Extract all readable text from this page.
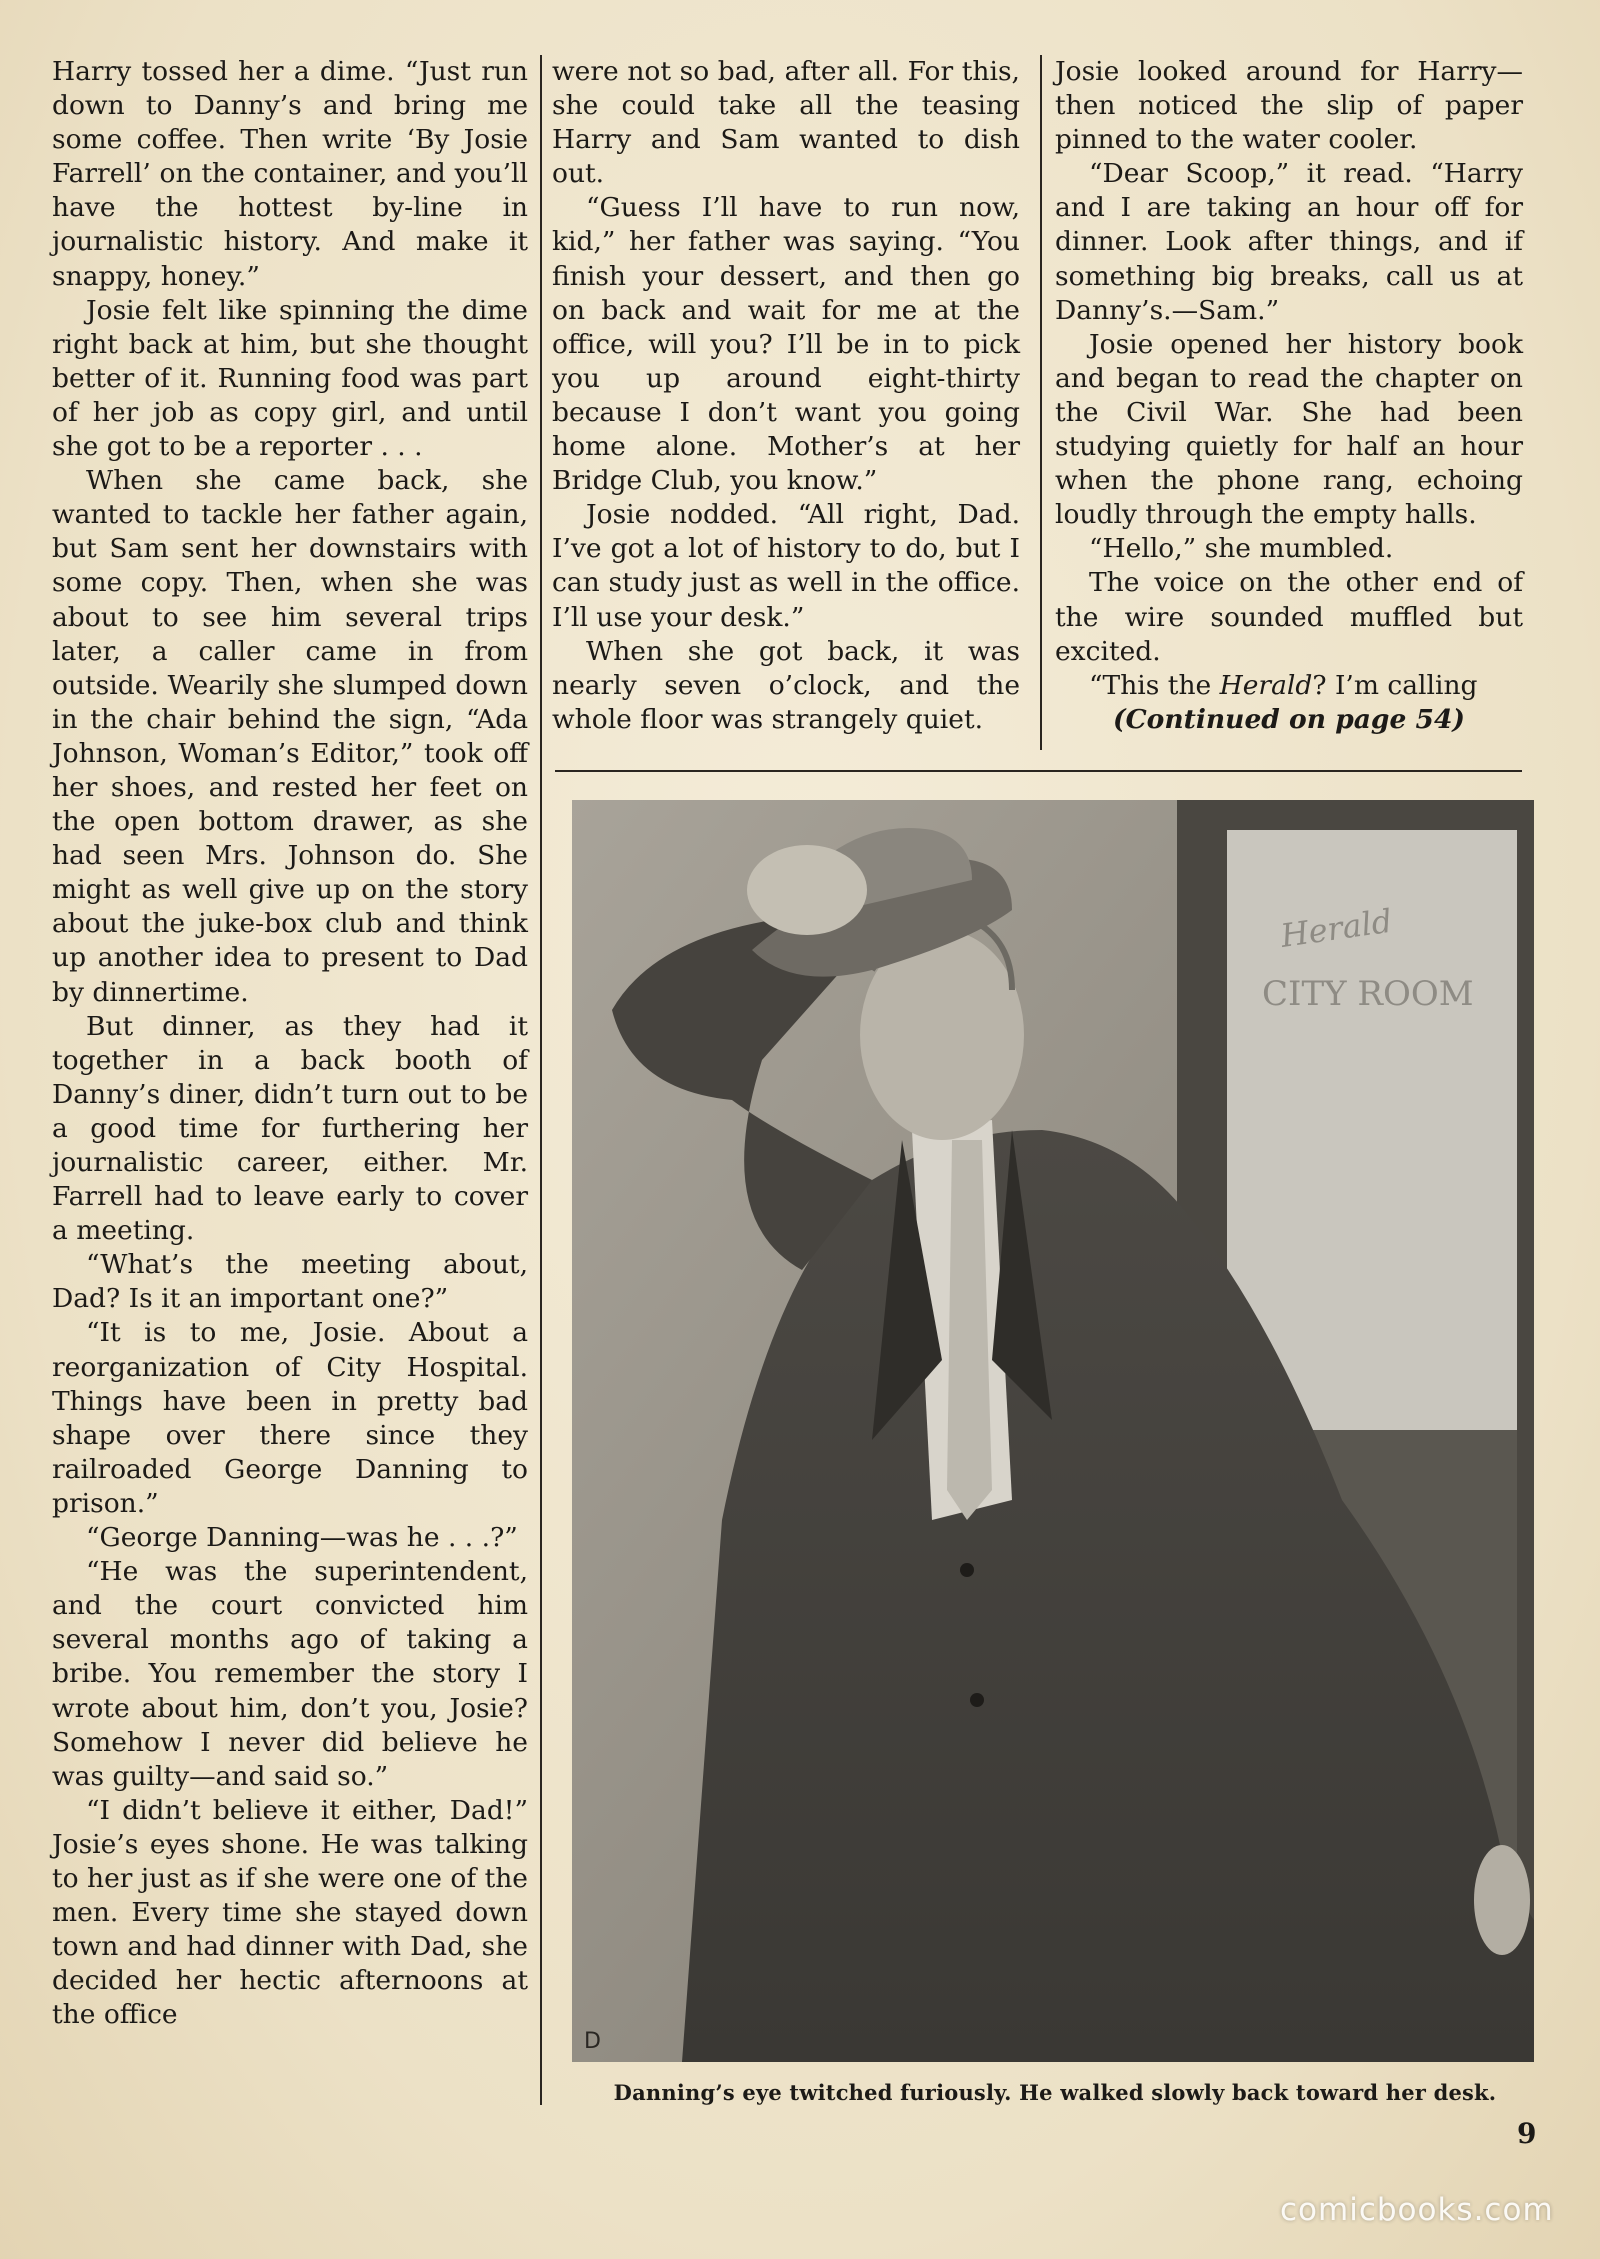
Harry tossed her a dime. “Just run down to Danny’s and bring me some coffee. Then write ‘By Josie Farrell’ on the container, and you’ll have the hottest by-line in journalistic history. And make it snappy, honey.”

Josie felt like spinning the dime right back at him, but she thought better of it. Running food was part of her job as copy girl, and until she got to be a reporter . . .

When she came back, she wanted to tackle her father again, but Sam sent her downstairs with some copy. Then, when she was about to see him several trips later, a caller came in from outside. Wearily she slumped down in the chair behind the sign, “Ada Johnson, Woman’s Editor,” took off her shoes, and rested her feet on the open bottom drawer, as she had seen Mrs. Johnson do. She might as well give up on the story about the juke-box club and think up another idea to present to Dad by dinnertime.

But dinner, as they had it together in a back booth of Danny’s diner, didn’t turn out to be a good time for furthering her journalistic career, either. Mr. Farrell had to leave early to cover a meeting.

“What’s the meeting about, Dad? Is it an important one?”

“It is to me, Josie. About a reorganization of City Hospital. Things have been in pretty bad shape over there since they railroaded George Danning to prison.”

“George Danning—was he . . .?”

“He was the superintendent, and the court convicted him several months ago of taking a bribe. You remember the story I wrote about him, don’t you, Josie? Somehow I never did believe he was guilty—and said so.”

“I didn’t believe it either, Dad!” Josie’s eyes shone. He was talking to her just as if she were one of the men. Every time she stayed down town and had dinner with Dad, she decided her hectic afternoons at the office

were not so bad, after all. For this, she could take all the teasing Harry and Sam wanted to dish out.

“Guess I’ll have to run now, kid,” her father was saying. “You finish your dessert, and then go on back and wait for me at the office, will you? I’ll be in to pick you up around eight-thirty because I don’t want you going home alone. Mother’s at her Bridge Club, you know.”

Josie nodded. “All right, Dad. I’ve got a lot of history to do, but I can study just as well in the office. I’ll use your desk.”

When she got back, it was nearly seven o’clock, and the whole floor was strangely quiet.

Josie looked around for Harry—then noticed the slip of paper pinned to the water cooler.

“Dear Scoop,” it read. “Harry and I are taking an hour off for dinner. Look after things, and if something big breaks, call us at Danny’s.—Sam.”

Josie opened her history book and began to read the chapter on the Civil War. She had been studying quietly for half an hour when the phone rang, echoing loudly through the empty halls.

“Hello,” she mumbled.

The voice on the other end of the wire sounded muffled but excited.

“This the Herald? I’m calling

(Continued on page 54)

Herald
CITY ROOM
D
Danning’s eye twitched furiously. He walked slowly back toward her desk.
9
comicbooks.com
